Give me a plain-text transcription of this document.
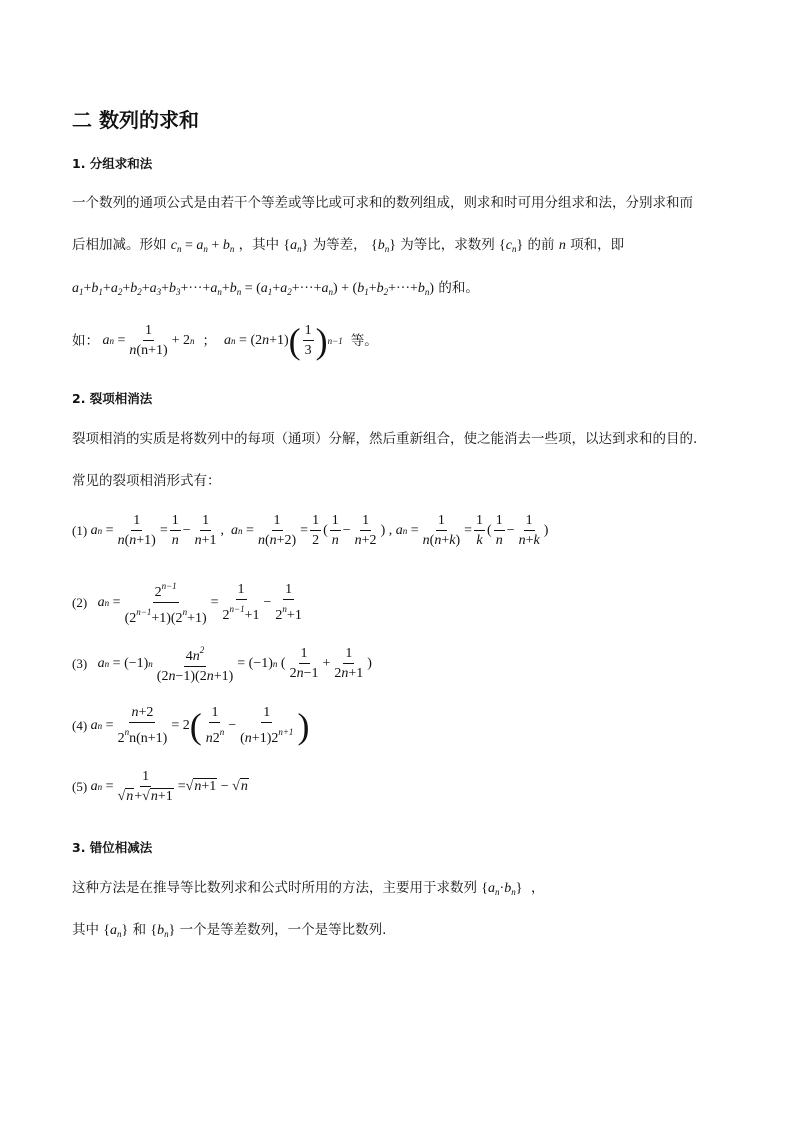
二 数列的求和
1. 分组求和法
一个数列的通项公式是由若干个等差或等比或可求和的数列组成，则求和时可用分组求和法，分别求和而
后相加减。形如 $c_n = a_n + b_n$ ，其中 $\{a_n\}$ 为等差， $\{b_n\}$ 为等比，求数列 $\{c_n\}$ 的前 n 项和，即
$a_1+b_1+a_2+b_2+a_3+b_3+\cdot\cdot\cdot+a_n+b_n = (a_1+a_2+\cdot\cdot\cdot+a_n) + (b_1+b_2+\cdot\cdot\cdot+b_n)$ 的和。
如：
a n =
1
n(n+1)
+ 2 n ； a n = (2 n +1) ( 1
3 ) n−1 等。
2. 裂项相消法
裂项相消的实质是将数列中的每项（通项）分解，然后重新组合，使之能消去一些项，以达到求和的目的.
常见的裂项相消形式有：
(1)
a n =
1
n(n+1)
=
1
n
−
1
n+1
, a n =
1
n(n+2)
=
1
2
(
1
n
−
1
n+2
) , a n =
1
n(n+k)
=
1
k
(
1
n
−
1
n+k
)
(2)
a n =
$2^{n-1}$
$(2^{n-1}+1)(2^n+1)$
=
1
$2^{n-1}+1$
−
1
$2^n+1$
(3)
a n = (−1) n $4n^2$
(2n−1)(2n+1)
= (−1) n (
1
2n−1
+
1
2n+1
)
(4)
a n =
n+2
$2^nn(n+1)$
= 2 ( 1
$n2^n$ −
1
$(n+1)2^{n+1}$ )
(5)
a n =
1
√n+√n+1
=√ n+1 − √ n
3. 错位相减法
这种方法是在推导等比数列求和公式时所用的方法，主要用于求数列 $\{a_n\cdot b_n\}$  ，
其中 $\{a_n\}$ 和 $\{b_n\}$ 一个是等差数列，一个是等比数列.
